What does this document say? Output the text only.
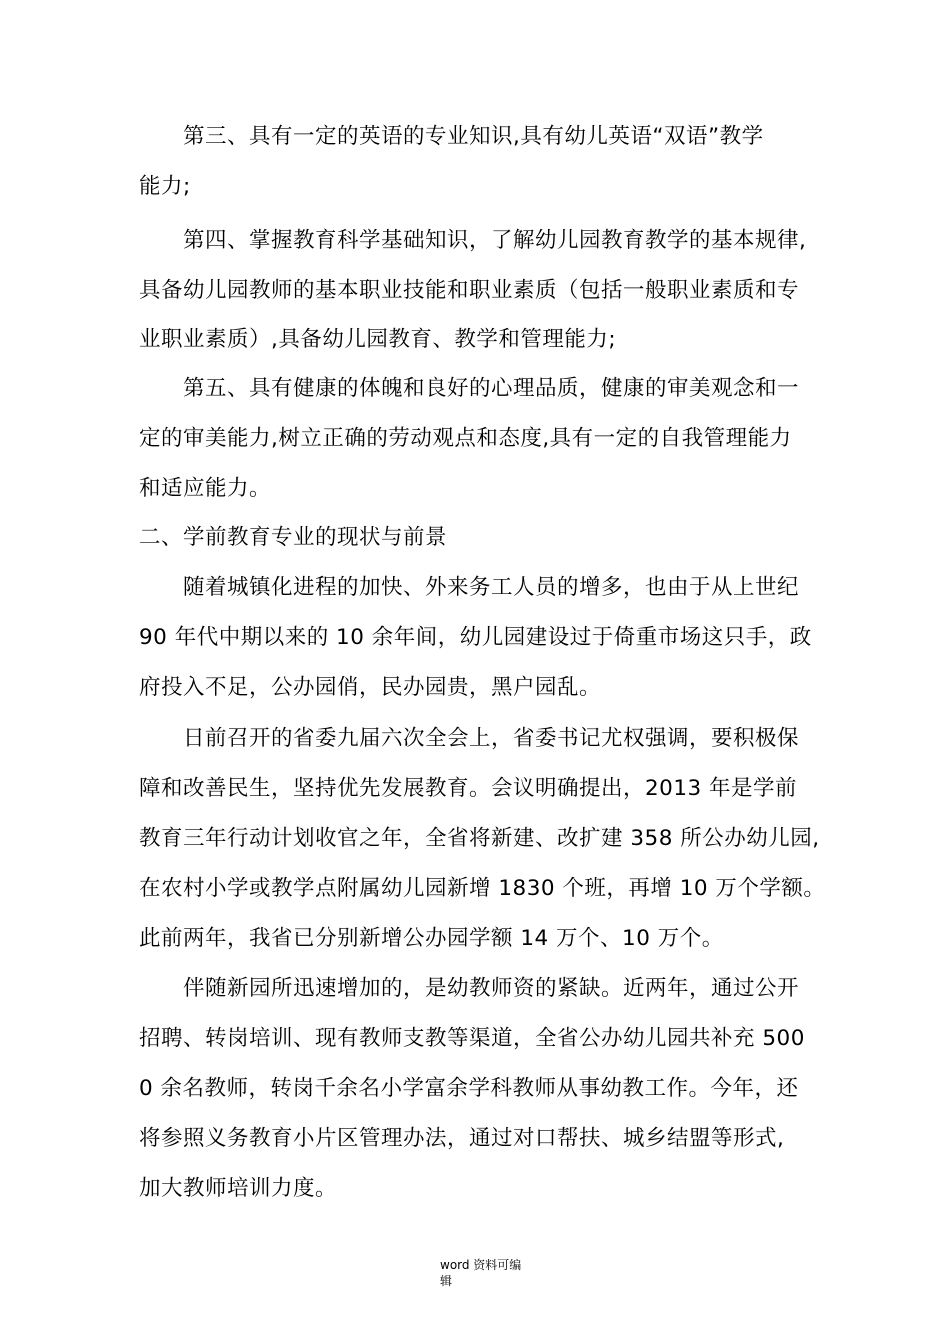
　　第三、具有一定的英语的专业知识,具有幼儿英语“双语”教学
能力;
　　第四、掌握教育科学基础知识，了解幼儿园教育教学的基本规律,
具备幼儿园教师的基本职业技能和职业素质（包括一般职业素质和专
业职业素质）,具备幼儿园教育、教学和管理能力;
　　第五、具有健康的体魄和良好的心理品质，健康的审美观念和一
定的审美能力,树立正确的劳动观点和态度,具有一定的自我管理能力
和适应能力。
二、学前教育专业的现状与前景
　　随着城镇化进程的加快、外来务工人员的增多，也由于从上世纪
90 年代中期以来的 10 余年间，幼儿园建设过于倚重市场这只手，政
府投入不足，公办园俏，民办园贵，黑户园乱。
　　日前召开的省委九届六次全会上，省委书记尤权强调，要积极保
障和改善民生，坚持优先发展教育。会议明确提出，2013 年是学前
教育三年行动计划收官之年，全省将新建、改扩建 358 所公办幼儿园,
在农村小学或教学点附属幼儿园新增 1830 个班，再增 10 万个学额。
此前两年，我省已分别新增公办园学额 14 万个、10 万个。
　　伴随新园所迅速增加的，是幼教师资的紧缺。近两年，通过公开
招聘、转岗培训、现有教师支教等渠道，全省公办幼儿园共补充 500
0 余名教师，转岗千余名小学富余学科教师从事幼教工作。今年，还
将参照义务教育小片区管理办法，通过对口帮扶、城乡结盟等形式,
加大教师培训力度。
word 资料可编
辑
